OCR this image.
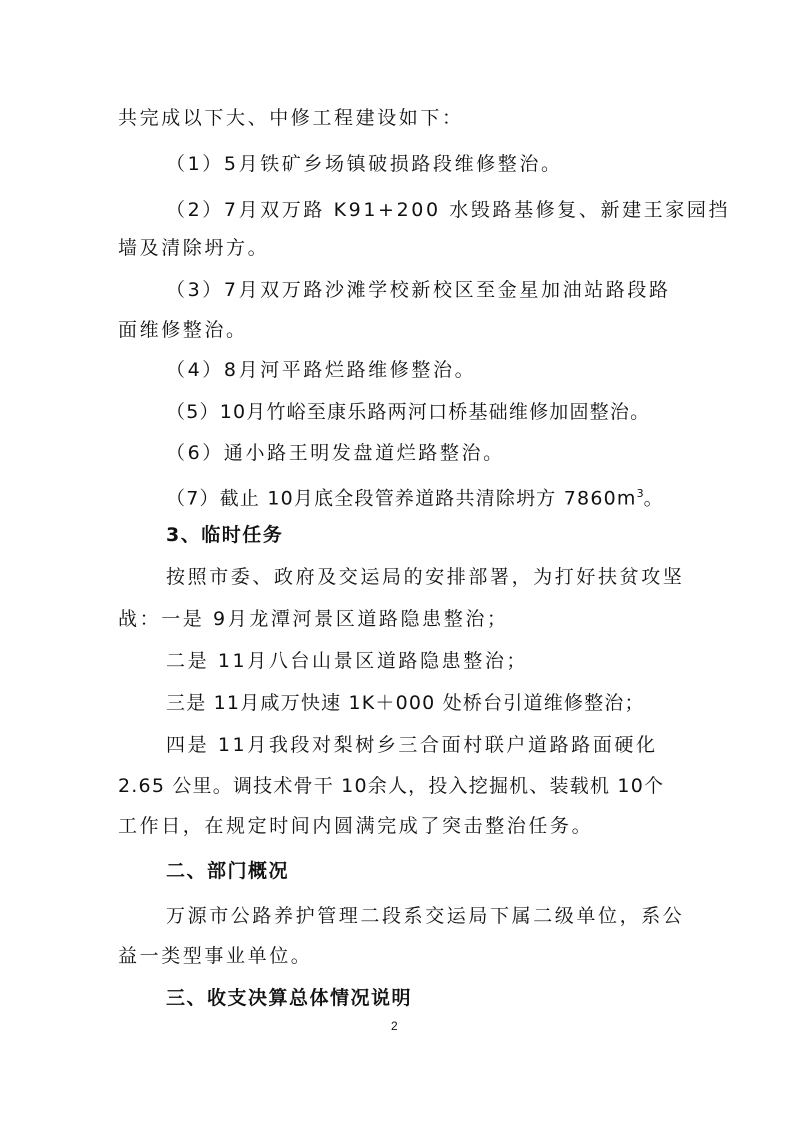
共完成以下大、中修工程建设如下：
（1）5月铁矿乡场镇破损路段维修整治。
（2）7月双万路 K91+200 水毁路基修复、新建王家园挡
墙及清除坍方。
（3）7月双万路沙滩学校新校区至金星加油站路段路
面维修整治。
（4）8月河平路烂路维修整治。
（5）10月竹峪至康乐路两河口桥基础维修加固整治。
（6）通小路王明发盘道烂路整治。
（7）截止 10月底全段管养道路共清除坍方 $7860m^3$。
3、临时任务
按照市委、政府及交运局的安排部署，为打好扶贫攻坚
战：一是 9月龙潭河景区道路隐患整治；
二是 11月八台山景区道路隐患整治；
三是 11月咸万快速 1K＋000 处桥台引道维修整治；
四是 11月我段对梨树乡三合面村联户道路路面硬化
2.65 公里。调技术骨干 10余人，投入挖掘机、装载机 10个
工作日，在规定时间内圆满完成了突击整治任务。
二、部门概况
万源市公路养护管理二段系交运局下属二级单位，系公
益一类型事业单位。
三、收支决算总体情况说明
2
